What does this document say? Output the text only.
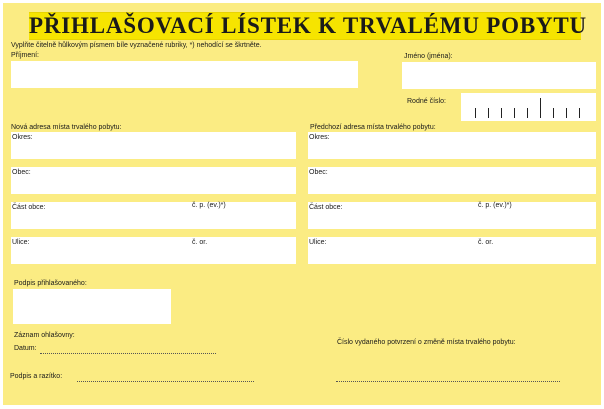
PŘIHLAŠOVACÍ LÍSTEK K TRVALÉMU POBYTU
Vyplňte čitelně hůlkovým písmem bíle vyznačené rubriky, *) nehodící se škrtněte.
Příjmení:	Jméno (jména):
Rodné číslo:
Nová adresa místa trvalého pobytu:
Okres:
Obec:
Část obce:	č. p. (ev.)*)
Ulice:	č. or.
Předchozí adresa místa trvalého pobytu:
Okres:
Obec:
Část obce:	č. p. (ev.)*)
Ulice:	č. or.
Podpis přihlašovaného:
Záznam ohlašovny:
Datum:
Podpis a razítko:
Číslo vydaného potvrzení o změně místa trvalého pobytu:
